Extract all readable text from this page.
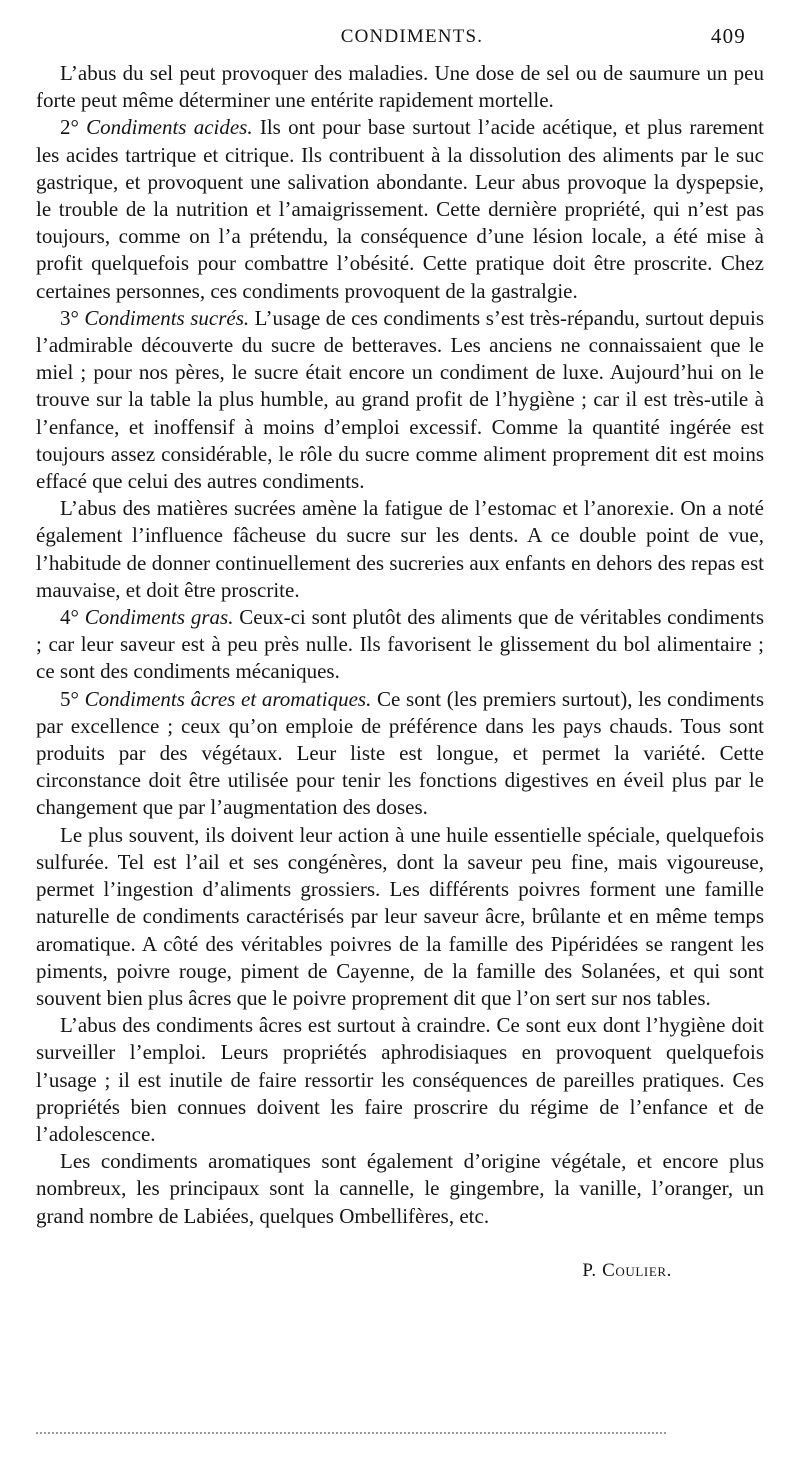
CONDIMENTS.	409

L’abus du sel peut provoquer des maladies. Une dose de sel ou de saumure un peu forte peut même déterminer une entérite rapidement mortelle.

2° Condiments acides. Ils ont pour base surtout l’acide acétique, et plus rarement les acides tartrique et citrique. Ils contribuent à la dissolution des aliments par le suc gastrique, et provoquent une salivation abondante. Leur abus provoque la dyspepsie, le trouble de la nutrition et l’amaigrissement. Cette dernière propriété, qui n’est pas toujours, comme on l’a prétendu, la conséquence d’une lésion locale, a été mise à profit quelquefois pour combattre l’obésité. Cette pratique doit être proscrite. Chez certaines personnes, ces condiments provoquent de la gastralgie.

3° Condiments sucrés. L’usage de ces condiments s’est très-répandu, surtout depuis l’admirable découverte du sucre de betteraves. Les anciens ne connaissaient que le miel ; pour nos pères, le sucre était encore un condiment de luxe. Aujourd’hui on le trouve sur la table la plus humble, au grand profit de l’hygiène ; car il est très-utile à l’enfance, et inoffensif à moins d’emploi excessif. Comme la quantité ingérée est toujours assez considérable, le rôle du sucre comme aliment proprement dit est moins effacé que celui des autres condiments.

L’abus des matières sucrées amène la fatigue de l’estomac et l’anorexie. On a noté également l’influence fâcheuse du sucre sur les dents. A ce double point de vue, l’habitude de donner continuellement des sucreries aux enfants en dehors des repas est mauvaise, et doit être proscrite.

4° Condiments gras. Ceux-ci sont plutôt des aliments que de véritables condiments ; car leur saveur est à peu près nulle. Ils favorisent le glissement du bol alimentaire ; ce sont des condiments mécaniques.

5° Condiments âcres et aromatiques. Ce sont (les premiers surtout), les condiments par excellence ; ceux qu’on emploie de préférence dans les pays chauds. Tous sont produits par des végétaux. Leur liste est longue, et permet la variété. Cette circonstance doit être utilisée pour tenir les fonctions digestives en éveil plus par le changement que par l’augmentation des doses.

Le plus souvent, ils doivent leur action à une huile essentielle spéciale, quelquefois sulfurée. Tel est l’ail et ses congénères, dont la saveur peu fine, mais vigoureuse, permet l’ingestion d’aliments grossiers. Les différents poivres forment une famille naturelle de condiments caractérisés par leur saveur âcre, brûlante et en même temps aromatique. A côté des véritables poivres de la famille des Pipéridées se rangent les piments, poivre rouge, piment de Cayenne, de la famille des Solanées, et qui sont souvent bien plus âcres que le poivre proprement dit que l’on sert sur nos tables.

L’abus des condiments âcres est surtout à craindre. Ce sont eux dont l’hygiène doit surveiller l’emploi. Leurs propriétés aphrodisiaques en provoquent quelquefois l’usage ; il est inutile de faire ressortir les conséquences de pareilles pratiques. Ces propriétés bien connues doivent les faire proscrire du régime de l’enfance et de l’adolescence.

Les condiments aromatiques sont également d’origine végétale, et encore plus nombreux, les principaux sont la cannelle, le gingembre, la vanille, l’oranger, un grand nombre de Labiées, quelques Ombellifères, etc.

P. Coulier.
